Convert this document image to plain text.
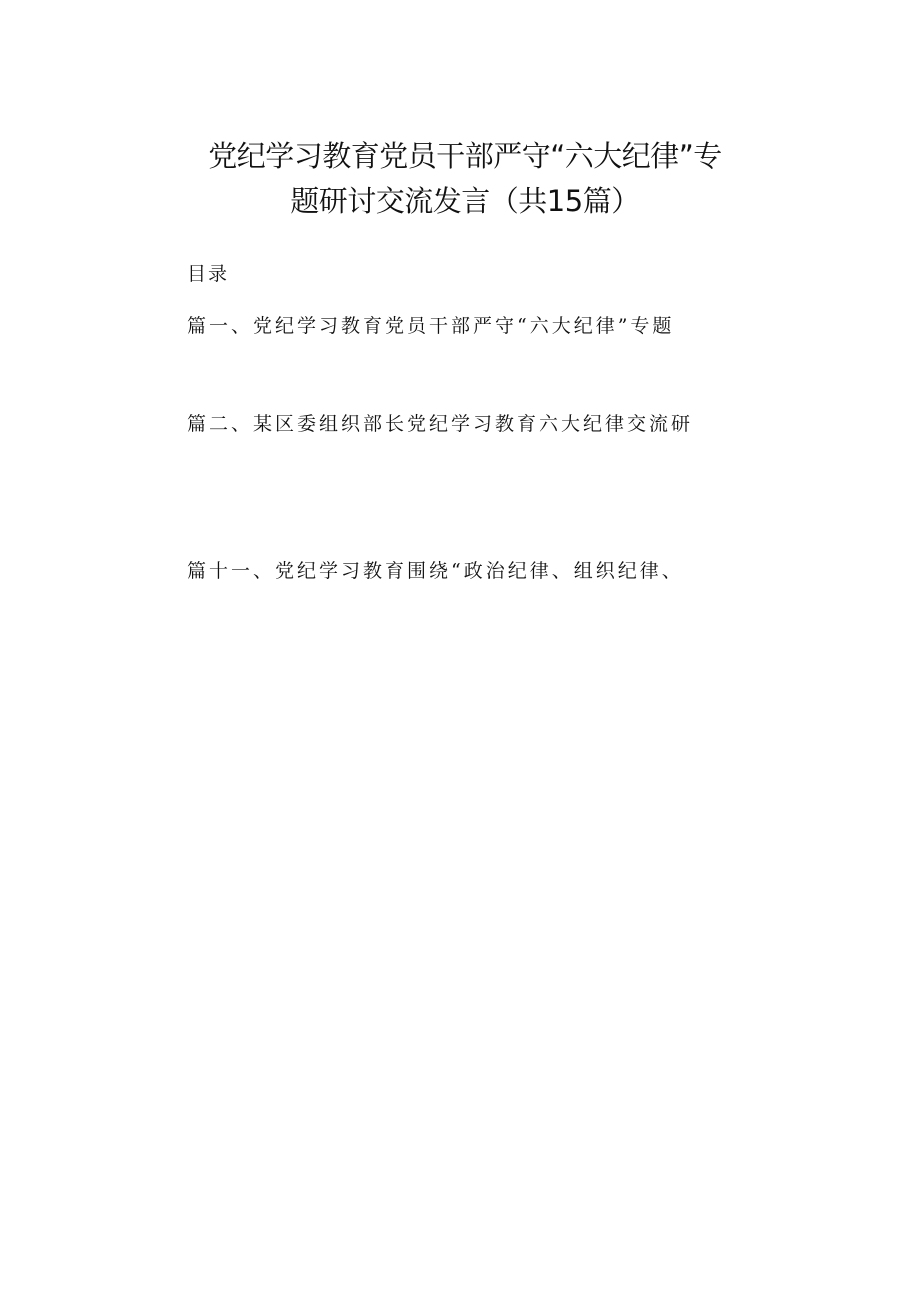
党纪学习教育党员干部严守“六大纪律”专
题研讨交流发言（共15篇）
目录
篇一、党纪学习教育党员干部严守“六大纪律”专题
篇二、某区委组织部长党纪学习教育六大纪律交流研
篇十一、党纪学习教育围绕“政治纪律、组织纪律、
